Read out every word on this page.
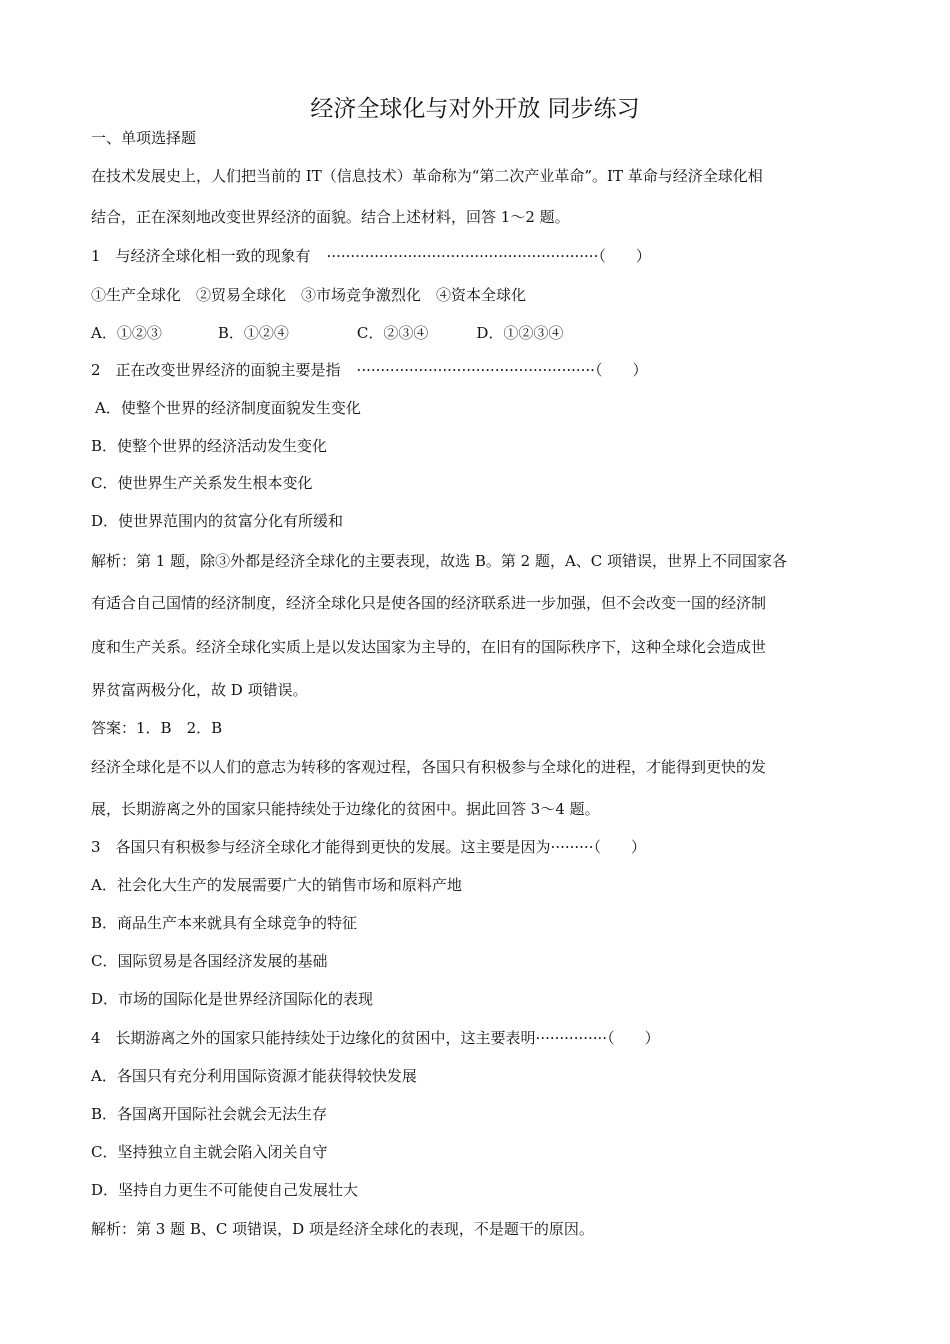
经济全球化与对外开放 同步练习
一、单项选择题
在技术发展史上，人们把当前的 IT（信息技术）革命称为“第二次产业革命”。IT 革命与经济全球化相
结合，正在深刻地改变世界经济的面貌。结合上述材料，回答 1～2 题。
1　与经济全球化相一致的现象有 ·························································（　　）
①生产全球化　②贸易全球化　③市场竞争激烈化　④资本全球化
A．①②③	B．①②④	C．②③④	D．①②③④
2　正在改变世界经济的面貌主要是指 ··················································（　　）
A．使整个世界的经济制度面貌发生变化
B．使整个世界的经济活动发生变化
C．使世界生产关系发生根本变化
D．使世界范围内的贫富分化有所缓和
解析：第 1 题，除③外都是经济全球化的主要表现，故选 B。第 2 题，A、C 项错误，世界上不同国家各
有适合自己国情的经济制度，经济全球化只是使各国的经济联系进一步加强，但不会改变一国的经济制
度和生产关系。经济全球化实质上是以发达国家为主导的，在旧有的国际秩序下，这种全球化会造成世
界贫富两极分化，故 D 项错误。
答案：1．B　2．B
经济全球化是不以人们的意志为转移的客观过程，各国只有积极参与全球化的进程，才能得到更快的发
展，长期游离之外的国家只能持续处于边缘化的贫困中。据此回答 3～4 题。
3　各国只有积极参与经济全球化才能得到更快的发展。这主要是因为·········（　　）
A．社会化大生产的发展需要广大的销售市场和原料产地
B．商品生产本来就具有全球竞争的特征
C．国际贸易是各国经济发展的基础
D．市场的国际化是世界经济国际化的表现
4　长期游离之外的国家只能持续处于边缘化的贫困中，这主要表明···············（　　）
A．各国只有充分利用国际资源才能获得较快发展
B．各国离开国际社会就会无法生存
C．坚持独立自主就会陷入闭关自守
D．坚持自力更生不可能使自己发展壮大
解析：第 3 题 B、C 项错误，D 项是经济全球化的表现，不是题干的原因。
